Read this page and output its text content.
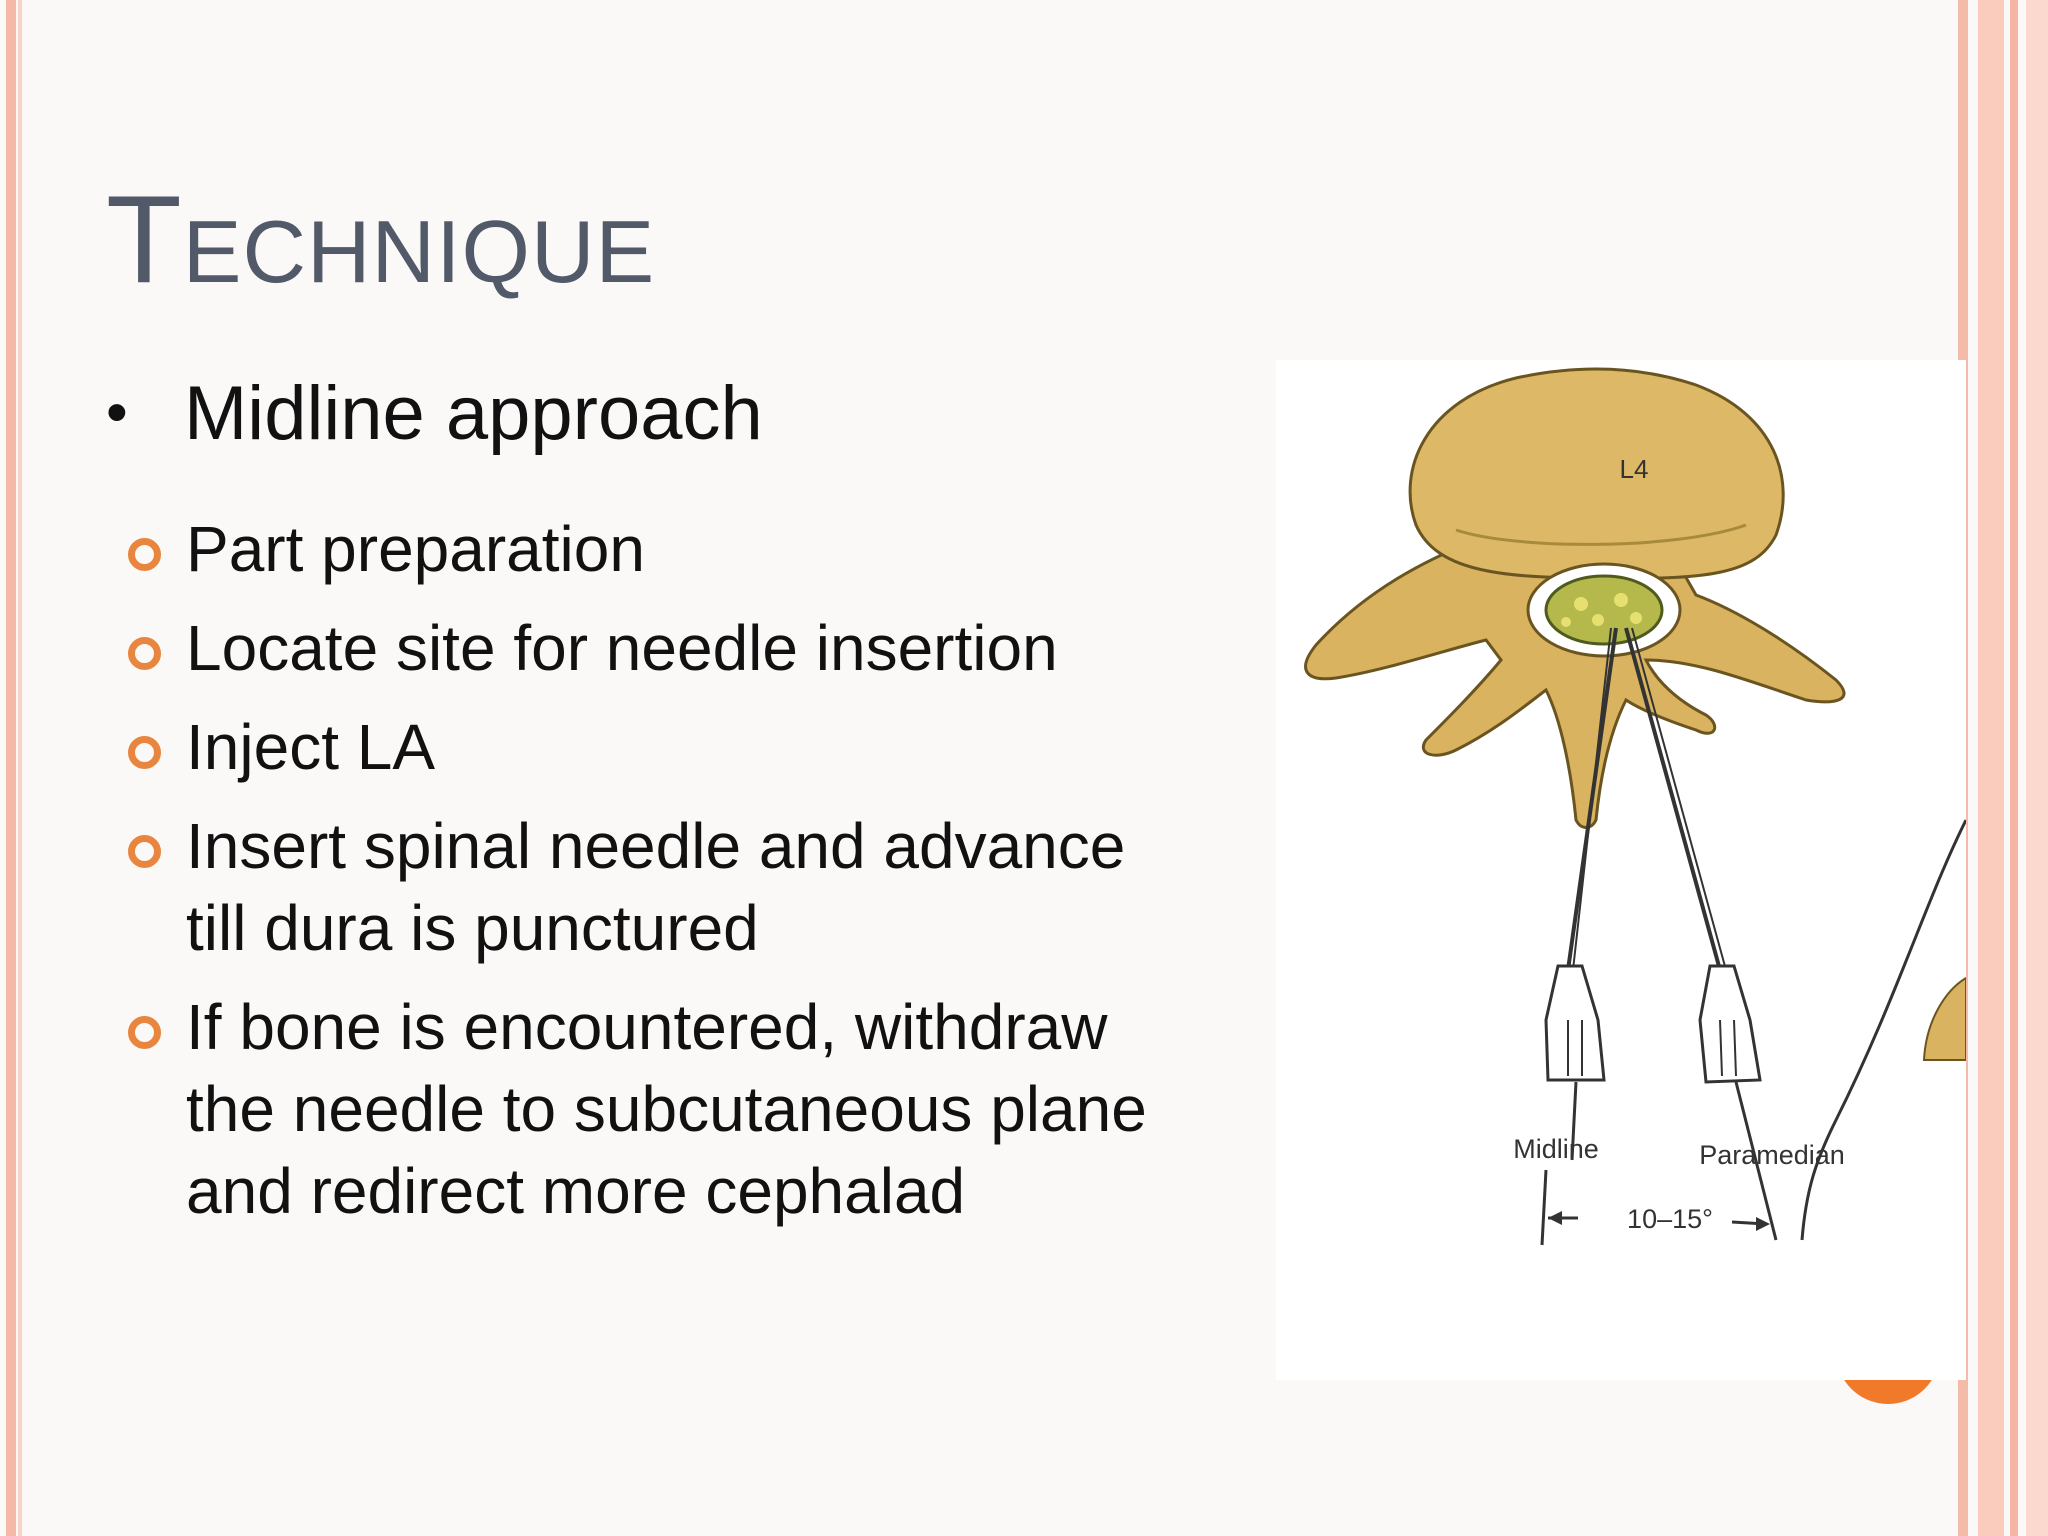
TECHNIQUE
• Midline approach
Part preparation
Locate site for needle insertion
Inject LA
Insert spinal needle and advance
till dura is punctured
If bone is encountered, withdraw
the needle to subcutaneous plane
and redirect more cephalad
L4
Midline	Paramedian
10–15°
